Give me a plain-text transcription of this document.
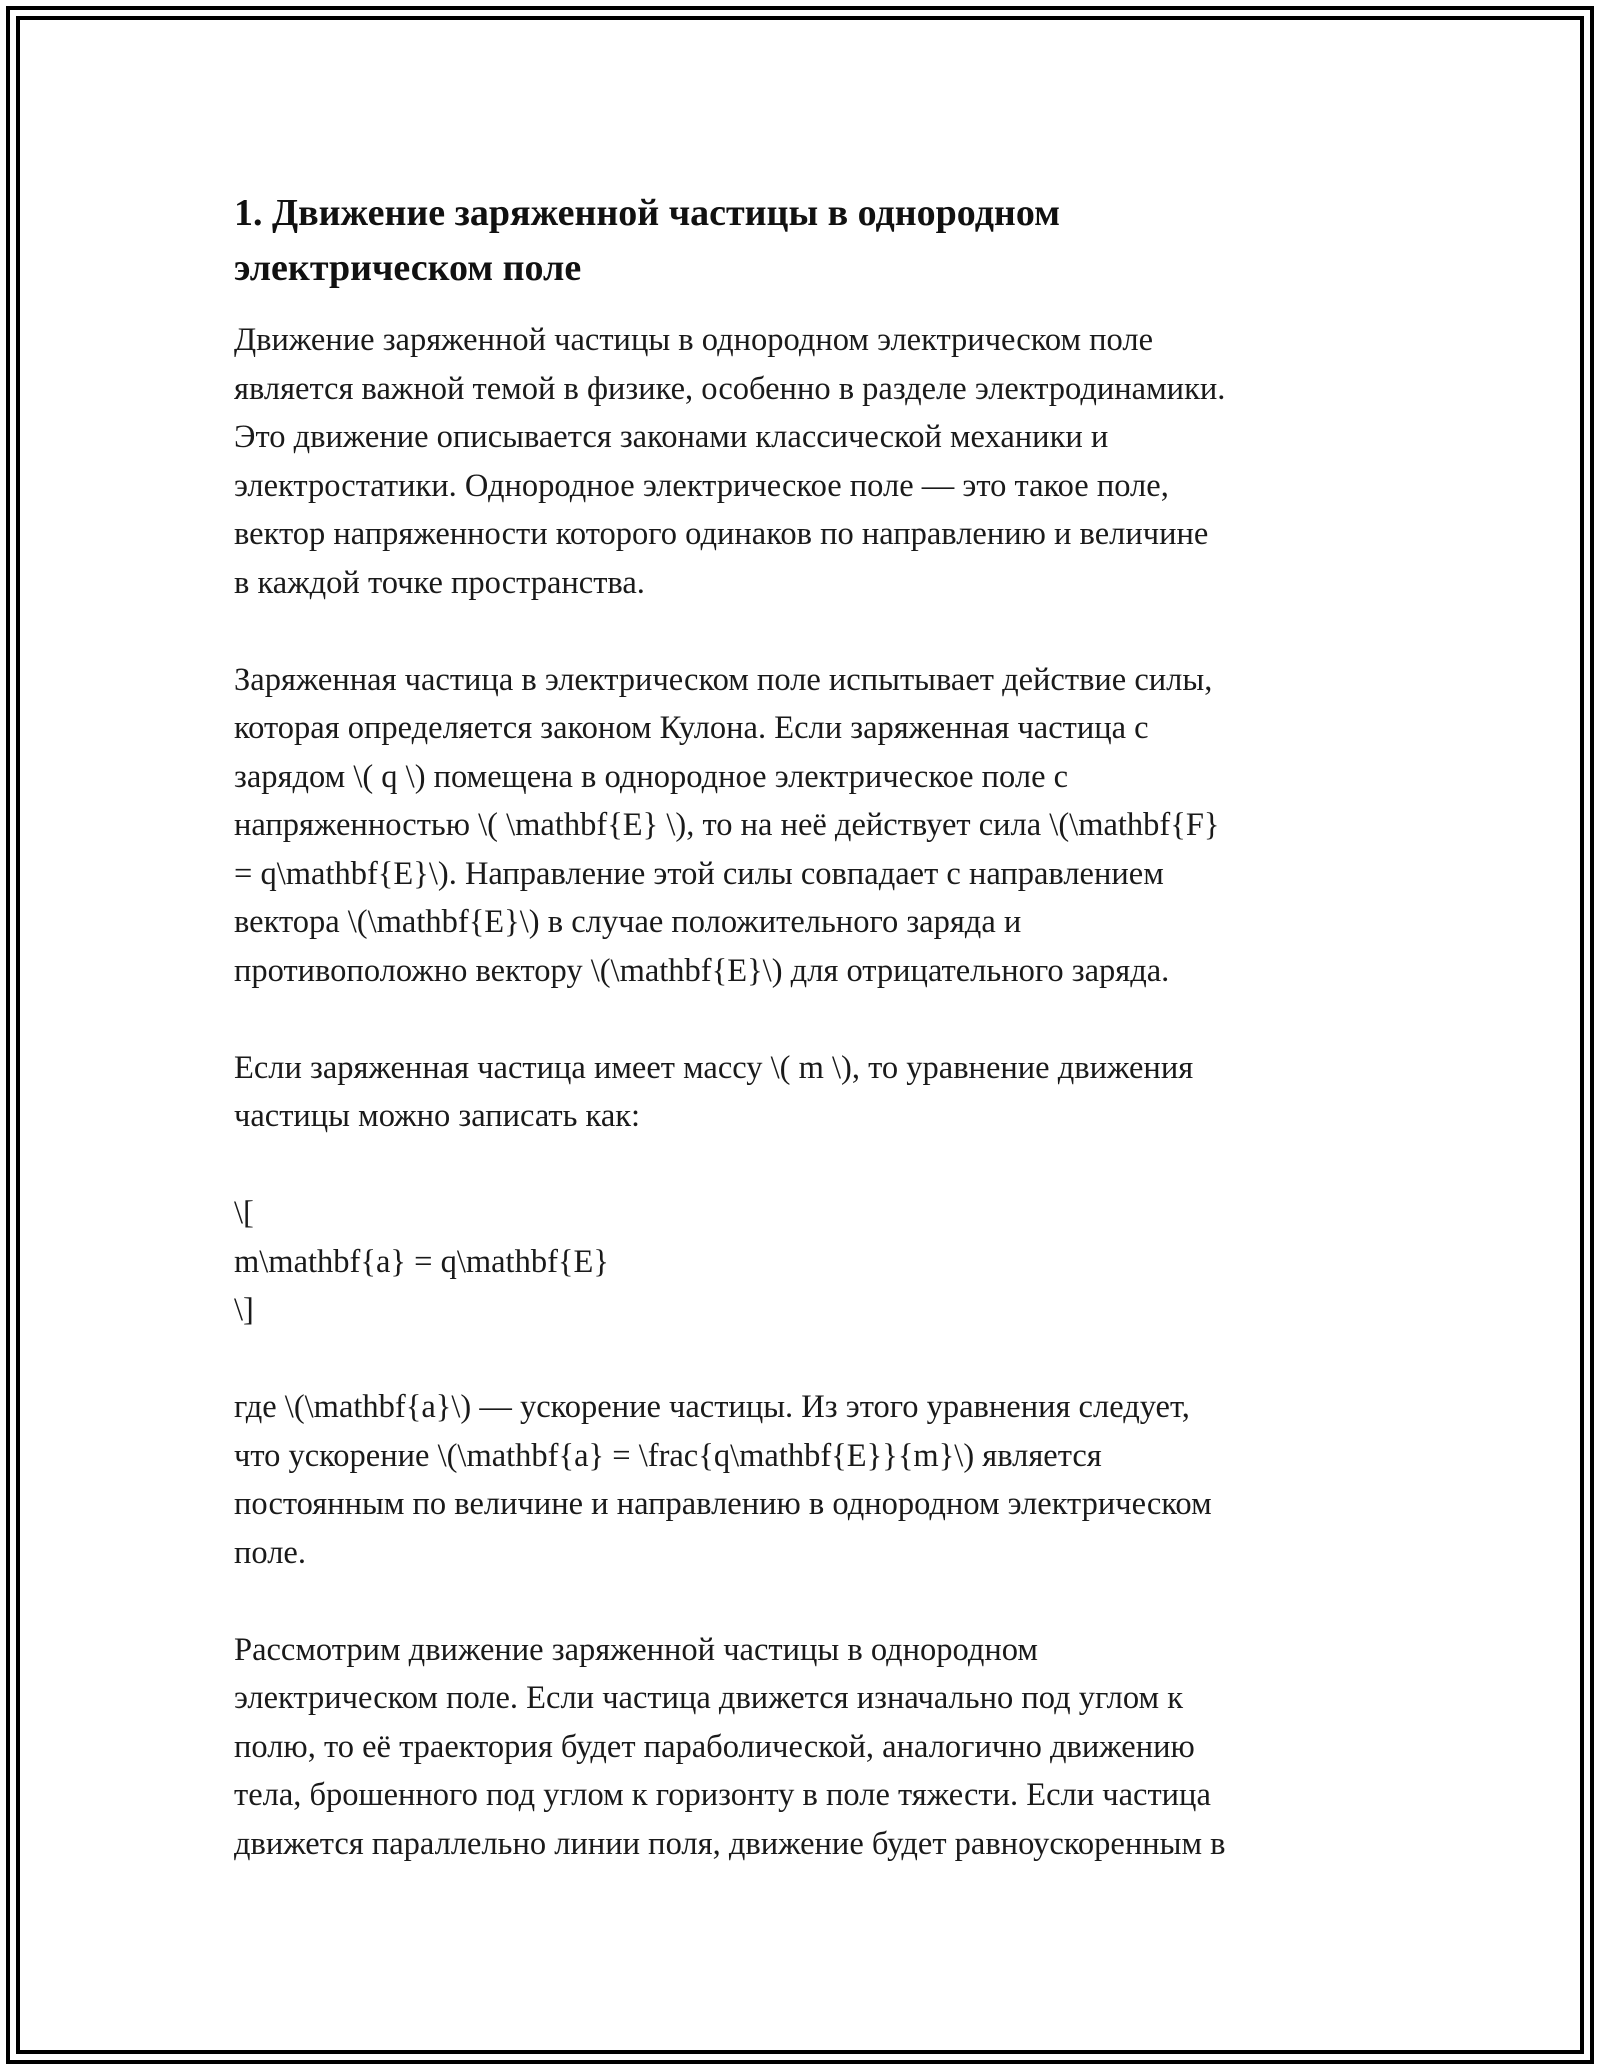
1. Движение заряженной частицы в однородном
электрическом поле
Движение заряженной частицы в однородном электрическом поле
является важной темой в физике, особенно в разделе электродинамики.
Это движение описывается законами классической механики и
электростатики. Однородное электрическое поле — это такое поле,
вектор напряженности которого одинаков по направлению и величине
в каждой точке пространства.
Заряженная частица в электрическом поле испытывает действие силы,
которая определяется законом Кулона. Если заряженная частица с
зарядом \( q \) помещена в однородное электрическое поле с
напряженностью \( \mathbf{E} \), то на неё действует сила \(\mathbf{F}
= q\mathbf{E}\). Направление этой силы совпадает с направлением
вектора \(\mathbf{E}\) в случае положительного заряда и
противоположно вектору \(\mathbf{E}\) для отрицательного заряда.
Если заряженная частица имеет массу \( m \), то уравнение движения
частицы можно записать как:
\[
m\mathbf{a} = q\mathbf{E}
\]
где \(\mathbf{a}\) — ускорение частицы. Из этого уравнения следует,
что ускорение \(\mathbf{a} = \frac{q\mathbf{E}}{m}\) является
постоянным по величине и направлению в однородном электрическом
поле.
Рассмотрим движение заряженной частицы в однородном
электрическом поле. Если частица движется изначально под углом к
полю, то её траектория будет параболической, аналогично движению
тела, брошенного под углом к горизонту в поле тяжести. Если частица
движется параллельно линии поля, движение будет равноускоренным в
